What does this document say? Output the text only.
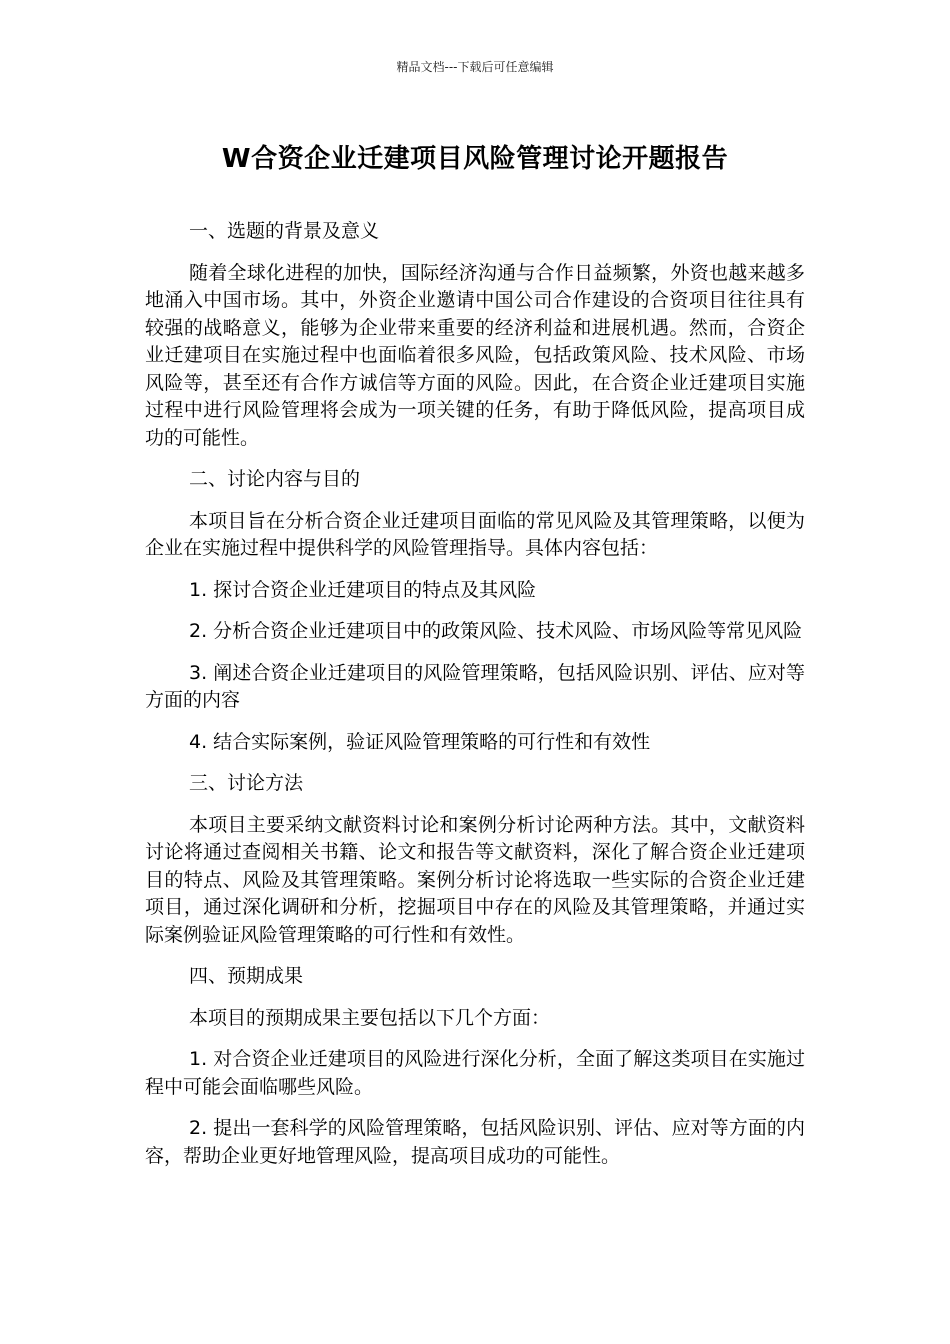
精品文档---下载后可任意编辑
W合资企业迁建项目风险管理讨论开题报告

一、选题的背景及意义

随着全球化进程的加快，国际经济沟通与合作日益频繁，外资也越来越多地涌入中国市场。其中，外资企业邀请中国公司合作建设的合资项目往往具有较强的战略意义，能够为企业带来重要的经济利益和进展机遇。然而，合资企业迁建项目在实施过程中也面临着很多风险，包括政策风险、技术风险、市场风险等，甚至还有合作方诚信等方面的风险。因此，在合资企业迁建项目实施过程中进行风险管理将会成为一项关键的任务，有助于降低风险，提高项目成功的可能性。

二、讨论内容与目的

本项目旨在分析合资企业迁建项目面临的常见风险及其管理策略，以便为企业在实施过程中提供科学的风险管理指导。具体内容包括：

1. 探讨合资企业迁建项目的特点及其风险

2. 分析合资企业迁建项目中的政策风险、技术风险、市场风险等常见风险

3. 阐述合资企业迁建项目的风险管理策略，包括风险识别、评估、应对等方面的内容

4. 结合实际案例，验证风险管理策略的可行性和有效性

三、讨论方法

本项目主要采纳文献资料讨论和案例分析讨论两种方法。其中，文献资料讨论将通过查阅相关书籍、论文和报告等文献资料，深化了解合资企业迁建项目的特点、风险及其管理策略。案例分析讨论将选取一些实际的合资企业迁建项目，通过深化调研和分析，挖掘项目中存在的风险及其管理策略，并通过实际案例验证风险管理策略的可行性和有效性。

四、预期成果

本项目的预期成果主要包括以下几个方面：

1. 对合资企业迁建项目的风险进行深化分析，全面了解这类项目在实施过程中可能会面临哪些风险。

2. 提出一套科学的风险管理策略，包括风险识别、评估、应对等方面的内容，帮助企业更好地管理风险，提高项目成功的可能性。
